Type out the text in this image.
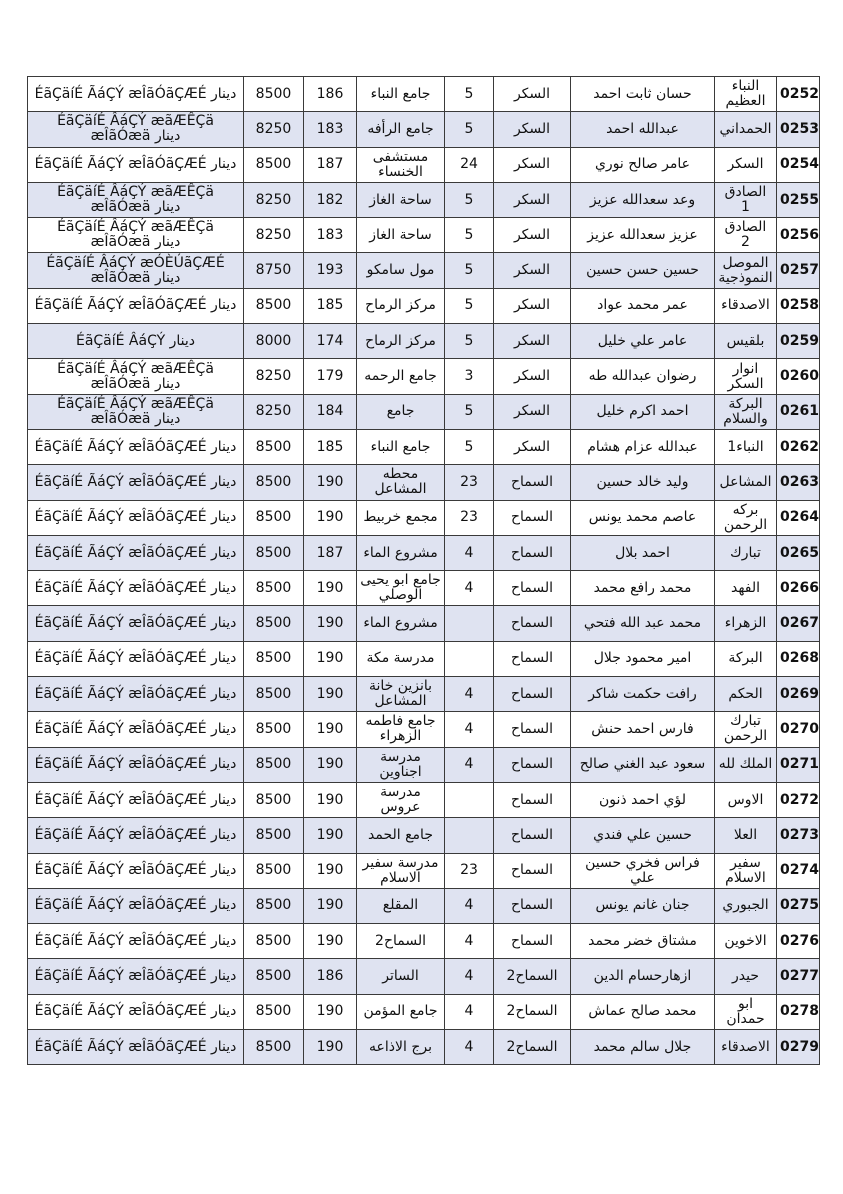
ÉãÇäíÉ ÃáÇÝ æÎãÓãÇÆÉ دينار	8500	186	جامع النباء	5	السكر	حسان ثابت احمد	النباء العظيم	0252
ÉãÇäíÉ ÂáÇÝ æãÆÊÇä æÎãÓæä دينار	8250	183	جامع الرأفه	5	السكر	عبدالله احمد	الحمداني	0253
ÉãÇäíÉ ÃáÇÝ æÎãÓãÇÆÉ دينار	8500	187	مستشفى الخنساء	24	السكر	عامر صالح نوري	السكر	0254
ÉãÇäíÉ ÂáÇÝ æãÆÊÇä æÎãÓæä دينار	8250	182	ساحة الغاز	5	السكر	وعد سعدالله عزيز	الصادق 1	0255
ÉãÇäíÉ ÂáÇÝ æãÆÊÇä æÎãÓæä دينار	8250	183	ساحة الغاز	5	السكر	عزيز سعدالله عزيز	الصادق 2	0256
ÉãÇäíÉ ÂáÇÝ æÓÈÚãÇÆÉ æÎãÓæä دينار	8750	193	مول سامكو	5	السكر	حسين حسن حسين	الموصل النموذجية	0257
ÉãÇäíÉ ÃáÇÝ æÎãÓãÇÆÉ دينار	8500	185	مركز الرماح	5	السكر	عمر محمد عواد	الاصدقاء	0258
ÉãÇäíÉ ÂáÇÝ دينار	8000	174	مركز الرماح	5	السكر	عامر علي خليل	بلقيس	0259
ÉãÇäíÉ ÂáÇÝ æãÆÊÇä æÎãÓæä دينار	8250	179	جامع الرحمه	3	السكر	رضوان عبدالله طه	انوار السكر	0260
ÉãÇäíÉ ÂáÇÝ æãÆÊÇä æÎãÓæä دينار	8250	184	جامع	5	السكر	احمد اكرم خليل	البركة والسلام	0261
ÉãÇäíÉ ÃáÇÝ æÎãÓãÇÆÉ دينار	8500	185	جامع النباء	5	السكر	عبدالله عزام هشام	النباء1	0262
ÉãÇäíÉ ÃáÇÝ æÎãÓãÇÆÉ دينار	8500	190	محطه المشاعل	23	السماح	وليد خالد حسين	المشاعل	0263
ÉãÇäíÉ ÃáÇÝ æÎãÓãÇÆÉ دينار	8500	190	مجمع خربيط	23	السماح	عاصم محمد يونس	بركه الرحمن	0264
ÉãÇäíÉ ÃáÇÝ æÎãÓãÇÆÉ دينار	8500	187	مشروع الماء	4	السماح	احمد بلال	تبارك	0265
ÉãÇäíÉ ÃáÇÝ æÎãÓãÇÆÉ دينار	8500	190	جامع ابو يحيى الوصلي	4	السماح	محمد رافع محمد	الفهد	0266
ÉãÇäíÉ ÃáÇÝ æÎãÓãÇÆÉ دينار	8500	190	مشروع الماء		السماح	محمد عبد الله فتحي	الزهراء	0267
ÉãÇäíÉ ÃáÇÝ æÎãÓãÇÆÉ دينار	8500	190	مدرسة مكة		السماح	امير محمود جلال	البركة	0268
ÉãÇäíÉ ÃáÇÝ æÎãÓãÇÆÉ دينار	8500	190	بانزين خانة المشاعل	4	السماح	رافت حكمت شاكر	الحكم	0269
ÉãÇäíÉ ÃáÇÝ æÎãÓãÇÆÉ دينار	8500	190	جامع فاطمه الزهراء	4	السماح	فارس احمد حنش	تبارك الرحمن	0270
ÉãÇäíÉ ÃáÇÝ æÎãÓãÇÆÉ دينار	8500	190	مدرسة اجناوين	4	السماح	سعود عبد الغني صالح	الملك لله	0271
ÉãÇäíÉ ÃáÇÝ æÎãÓãÇÆÉ دينار	8500	190	مدرسة عروس		السماح	لؤي احمد ذنون	الاوس	0272
ÉãÇäíÉ ÃáÇÝ æÎãÓãÇÆÉ دينار	8500	190	جامع الحمد		السماح	حسين علي فندي	العلا	0273
ÉãÇäíÉ ÃáÇÝ æÎãÓãÇÆÉ دينار	8500	190	مدرسة سفير الاسلام	23	السماح	فراس فخري حسين علي	سفير الاسلام	0274
ÉãÇäíÉ ÃáÇÝ æÎãÓãÇÆÉ دينار	8500	190	المقلع	4	السماح	جنان غانم يونس	الجبوري	0275
ÉãÇäíÉ ÃáÇÝ æÎãÓãÇÆÉ دينار	8500	190	السماح2	4	السماح	مشتاق خضر محمد	الاخوين	0276
ÉãÇäíÉ ÃáÇÝ æÎãÓãÇÆÉ دينار	8500	186	الساتر	4	السماح2	ازهارحسام الدين	حيدر	0277
ÉãÇäíÉ ÃáÇÝ æÎãÓãÇÆÉ دينار	8500	190	جامع المؤمن	4	السماح2	محمد صالح عماش	ابو حمدان	0278
ÉãÇäíÉ ÃáÇÝ æÎãÓãÇÆÉ دينار	8500	190	برج الاذاعه	4	السماح2	جلال سالم محمد	الاصدقاء	0279
